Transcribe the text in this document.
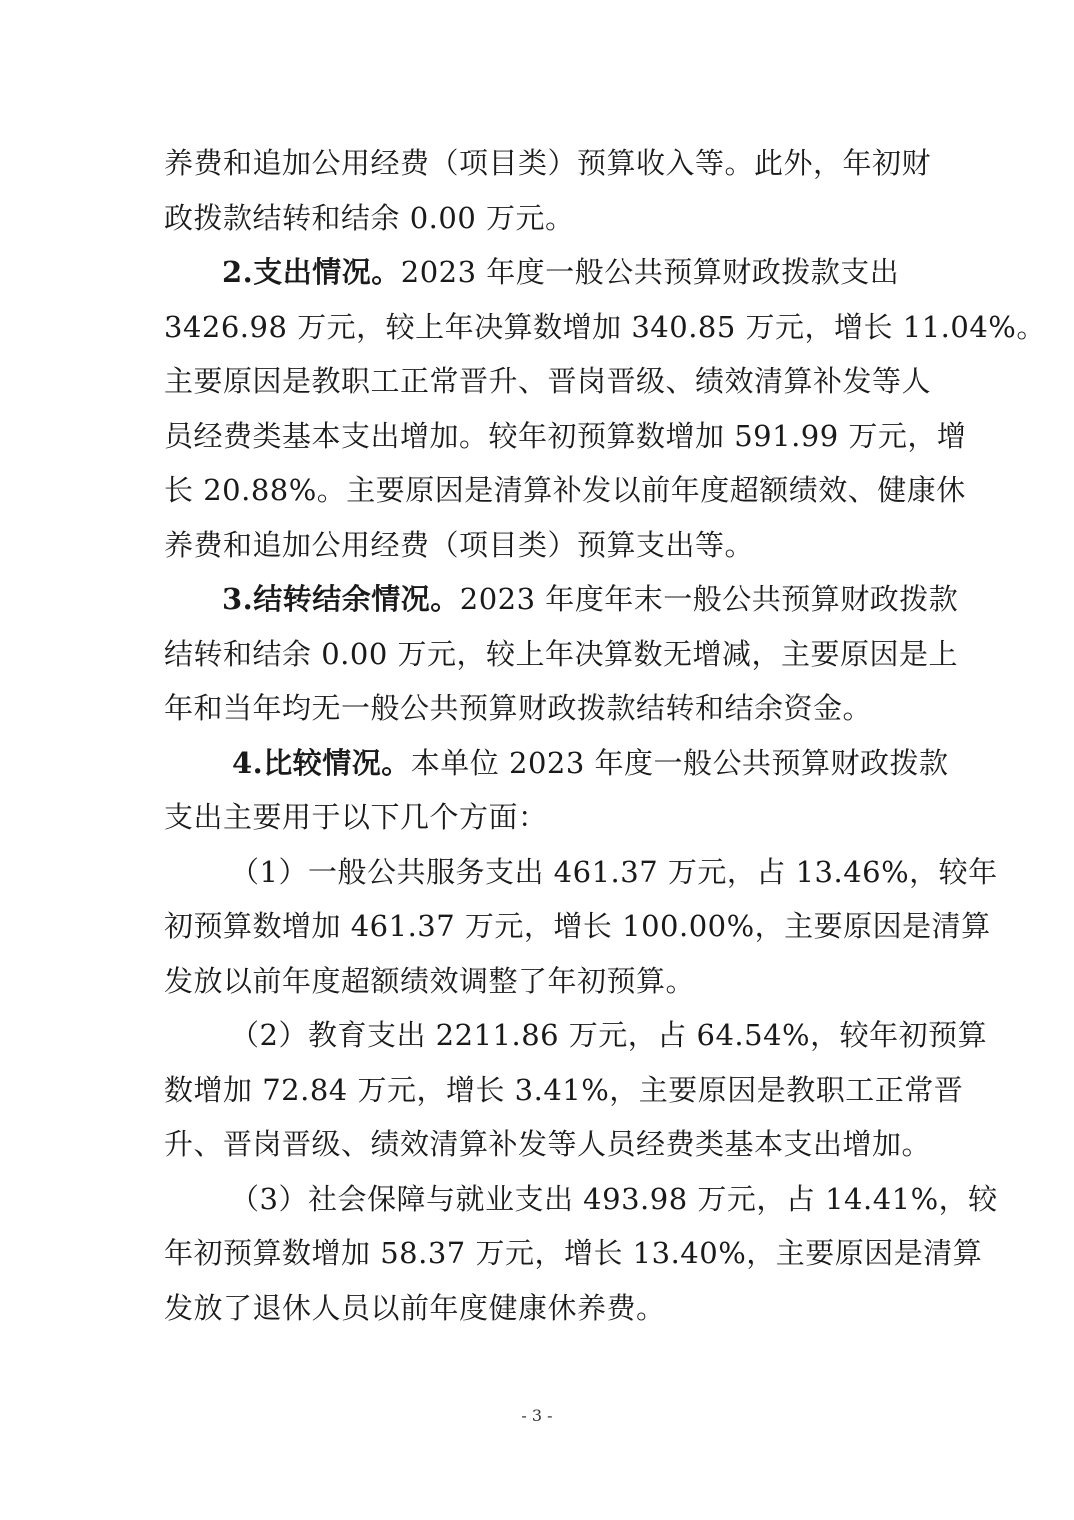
养费和追加公用经费（项目类）预算收入等。此外，年初财
政拨款结转和结余 0.00 万元。
2.支出情况。2023 年度一般公共预算财政拨款支出
3426.98 万元，较上年决算数增加 340.85 万元，增长 11.04%。
主要原因是教职工正常晋升、晋岗晋级、绩效清算补发等人
员经费类基本支出增加。较年初预算数增加 591.99 万元，增
长 20.88%。主要原因是清算补发以前年度超额绩效、健康休
养费和追加公用经费（项目类）预算支出等。
3.结转结余情况。2023 年度年末一般公共预算财政拨款
结转和结余 0.00 万元，较上年决算数无增减，主要原因是上
年和当年均无一般公共预算财政拨款结转和结余资金。
4.比较情况。本单位 2023 年度一般公共预算财政拨款
支出主要用于以下几个方面：
（1）一般公共服务支出 461.37 万元，占 13.46%，较年
初预算数增加 461.37 万元，增长 100.00%，主要原因是清算
发放以前年度超额绩效调整了年初预算。
（2）教育支出 2211.86 万元，占 64.54%，较年初预算
数增加 72.84 万元，增长 3.41%，主要原因是教职工正常晋
升、晋岗晋级、绩效清算补发等人员经费类基本支出增加。
（3）社会保障与就业支出 493.98 万元，占 14.41%，较
年初预算数增加 58.37 万元，增长 13.40%，主要原因是清算
发放了退休人员以前年度健康休养费。
- 3 -
